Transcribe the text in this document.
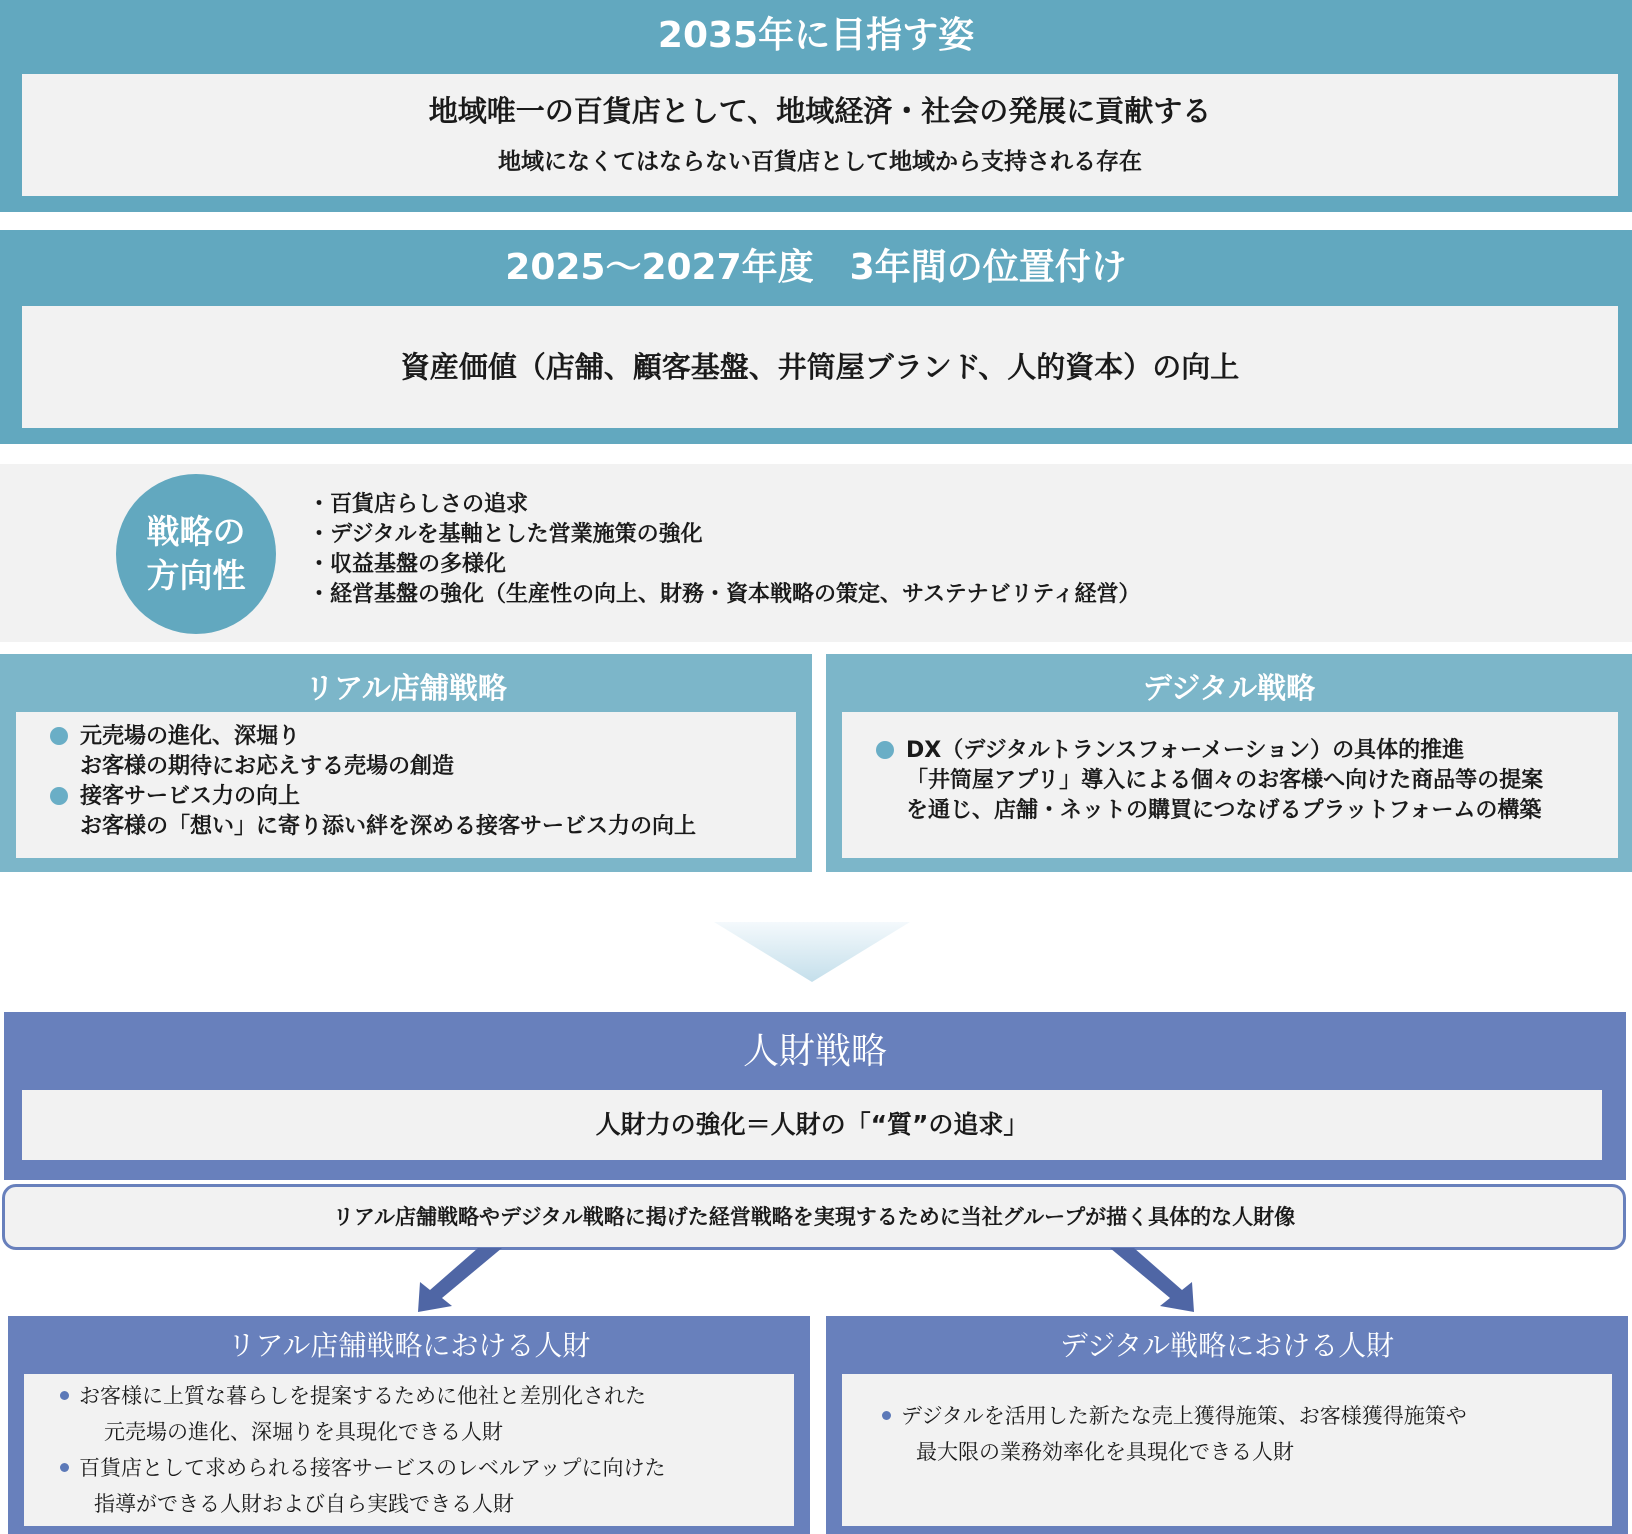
2035年に目指す姿
地域唯一の百貨店として、地域経済・社会の発展に貢献する
地域になくてはならない百貨店として地域から支持される存在
2025～2027年度　3年間の位置付け
資産価値（店舗、顧客基盤、井筒屋ブランド、人的資本）の向上
戦略の
方向性
・百貨店らしさの追求
・デジタルを基軸とした営業施策の強化
・収益基盤の多様化
・経営基盤の強化（生産性の向上、財務・資本戦略の策定、サステナビリティ経営）
リアル店舗戦略
元売場の進化、深堀り
お客様の期待にお応えする売場の創造
接客サービス力の向上
お客様の「想い」に寄り添い絆を深める接客サービス力の向上
デジタル戦略
DX（デジタルトランスフォーメーション）の具体的推進
「井筒屋アプリ」導入による個々のお客様へ向けた商品等の提案
を通じ、店舗・ネットの購買につなげるプラットフォームの構築
人財戦略
人財力の強化＝人財の「“質”の追求」
リアル店舗戦略やデジタル戦略に掲げた経営戦略を実現するために当社グループが描く具体的な人財像
リアル店舗戦略における人財
お客様に上質な暮らしを提案するために他社と差別化された
元売場の進化、深堀りを具現化できる人財
百貨店として求められる接客サービスのレベルアップに向けた
指導ができる人財および自ら実践できる人財
デジタル戦略における人財
デジタルを活用した新たな売上獲得施策、お客様獲得施策や
最大限の業務効率化を具現化できる人財
